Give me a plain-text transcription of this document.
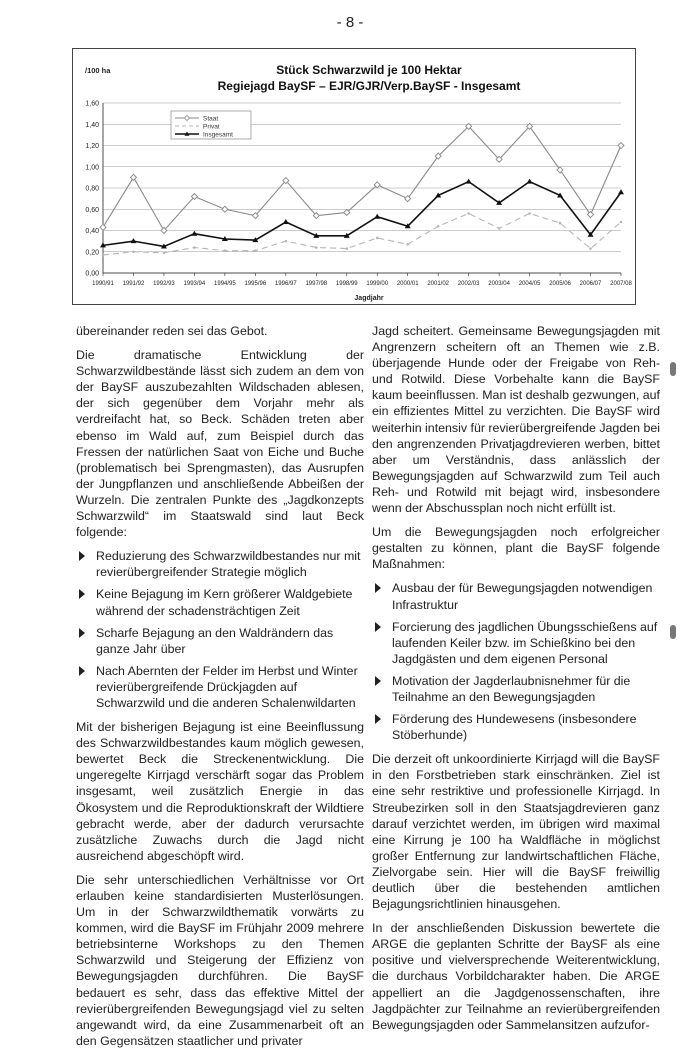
- 8 -
/100 ha	Stück Schwarzwild je 100 Hektar
Regiejagd BaySF – EJR/GJR/Verp.BaySF - Insgesamt
0,00
0,20
0,40
0,60
0,80
1,00
1,20
1,40
1,60
1990/91 1991/92 1992/93 1993/94 1994/95 1995/96 1996/97 1997/98 1998/99 1999/00 2000/01 2001/02 2002/03 2003/04 2004/05 2005/06 2006/07 2007/08
Staat
Privat
Insgesamt
Jagdjahr

übereinander reden sei das Gebot.

Die dramatische Entwicklung der Schwarzwildbestände lässt sich zudem an dem von der BaySF auszubezahlten Wildschaden ablesen, der sich gegenüber dem Vorjahr mehr als verdreifacht hat, so Beck. Schäden treten aber ebenso im Wald auf, zum Beispiel durch das Fressen der natürlichen Saat von Eiche und Buche (problematisch bei Sprengmasten), das Ausrupfen der Jungpflanzen und anschließende Abbeißen der Wurzeln. Die zentralen Punkte des „Jagdkonzepts Schwarzwild“ im Staatswald sind laut Beck folgende:

Reduzierung des Schwarzwildbestandes nur mit revierübergreifender Strategie möglich
Keine Bejagung im Kern größerer Waldgebiete während der schadensträchtigen Zeit
Scharfe Bejagung an den Waldrändern das ganze Jahr über
Nach Abernten der Felder im Herbst und Winter revierübergreifende Drückjagden auf Schwarzwild und die anderen Schalenwildarten

Mit der bisherigen Bejagung ist eine Beeinflussung des Schwarzwildbestandes kaum möglich gewesen, bewertet Beck die Streckenentwicklung. Die ungeregelte Kirrjagd verschärft sogar das Problem insgesamt, weil zusätzlich Energie in das Ökosystem und die Reproduktionskraft der Wildtiere gebracht werde, aber der dadurch verursachte zusätzliche Zuwachs durch die Jagd nicht ausreichend abgeschöpft wird.

Die sehr unterschiedlichen Verhältnisse vor Ort erlauben keine standardisierten Musterlösungen. Um in der Schwarzwildthematik vorwärts zu kommen, wird die BaySF im Frühjahr 2009 mehrere betriebsinterne Workshops zu den Themen Schwarzwild und Steigerung der Effizienz von Bewegungsjagden durchführen. Die BaySF bedauert es sehr, dass das effektive Mittel der revierübergreifenden Bewegungsjagd viel zu selten angewandt wird, da eine Zusammenarbeit oft an den Gegensätzen staatlicher und privater

Jagd scheitert. Gemeinsame Bewegungsjagden mit Angrenzern scheitern oft an Themen wie z.B. überjagende Hunde oder der Freigabe von Reh- und Rotwild. Diese Vorbehalte kann die BaySF kaum beeinflussen. Man ist deshalb gezwungen, auf ein effizientes Mittel zu verzichten. Die BaySF wird weiterhin intensiv für revierübergreifende Jagden bei den angrenzenden Privatjagdrevieren werben, bittet aber um Verständnis, dass anlässlich der Bewegungsjagden auf Schwarzwild zum Teil auch Reh- und Rotwild mit bejagt wird, insbesondere wenn der Abschussplan noch nicht erfüllt ist.

Um die Bewegungsjagden noch erfolgreicher gestalten zu können, plant die BaySF folgende Maßnahmen:

Ausbau der für Bewegungsjagden notwendigen Infrastruktur
Forcierung des jagdlichen Übungsschießens auf laufenden Keiler bzw. im Schießkino bei den Jagdgästen und dem eigenen Personal
Motivation der Jagderlaubnisnehmer für die Teilnahme an den Bewegungsjagden
Förderung des Hundewesens (insbesondere Stöberhunde)

Die derzeit oft unkoordinierte Kirrjagd will die BaySF in den Forstbetrieben stark einschränken. Ziel ist eine sehr restriktive und professionelle Kirrjagd. In Streubezirken soll in den Staatsjagdrevieren ganz darauf verzichtet werden, im übrigen wird maximal eine Kirrung je 100 ha Waldfläche in möglichst großer Entfernung zur landwirtschaftlichen Fläche, Zielvorgabe sein. Hier will die BaySF freiwillig deutlich über die bestehenden amtlichen Bejagungsrichtlinien hinausgehen.

In der anschließenden Diskussion bewertete die ARGE die geplanten Schritte der BaySF als eine positive und vielversprechende Weiterentwicklung, die durchaus Vorbildcharakter haben. Die ARGE appelliert an die Jagdgenossenschaften, ihre Jagdpächter zur Teilnahme an revierübergreifenden Bewegungsjagden oder Sammelansitzen aufzufor-
